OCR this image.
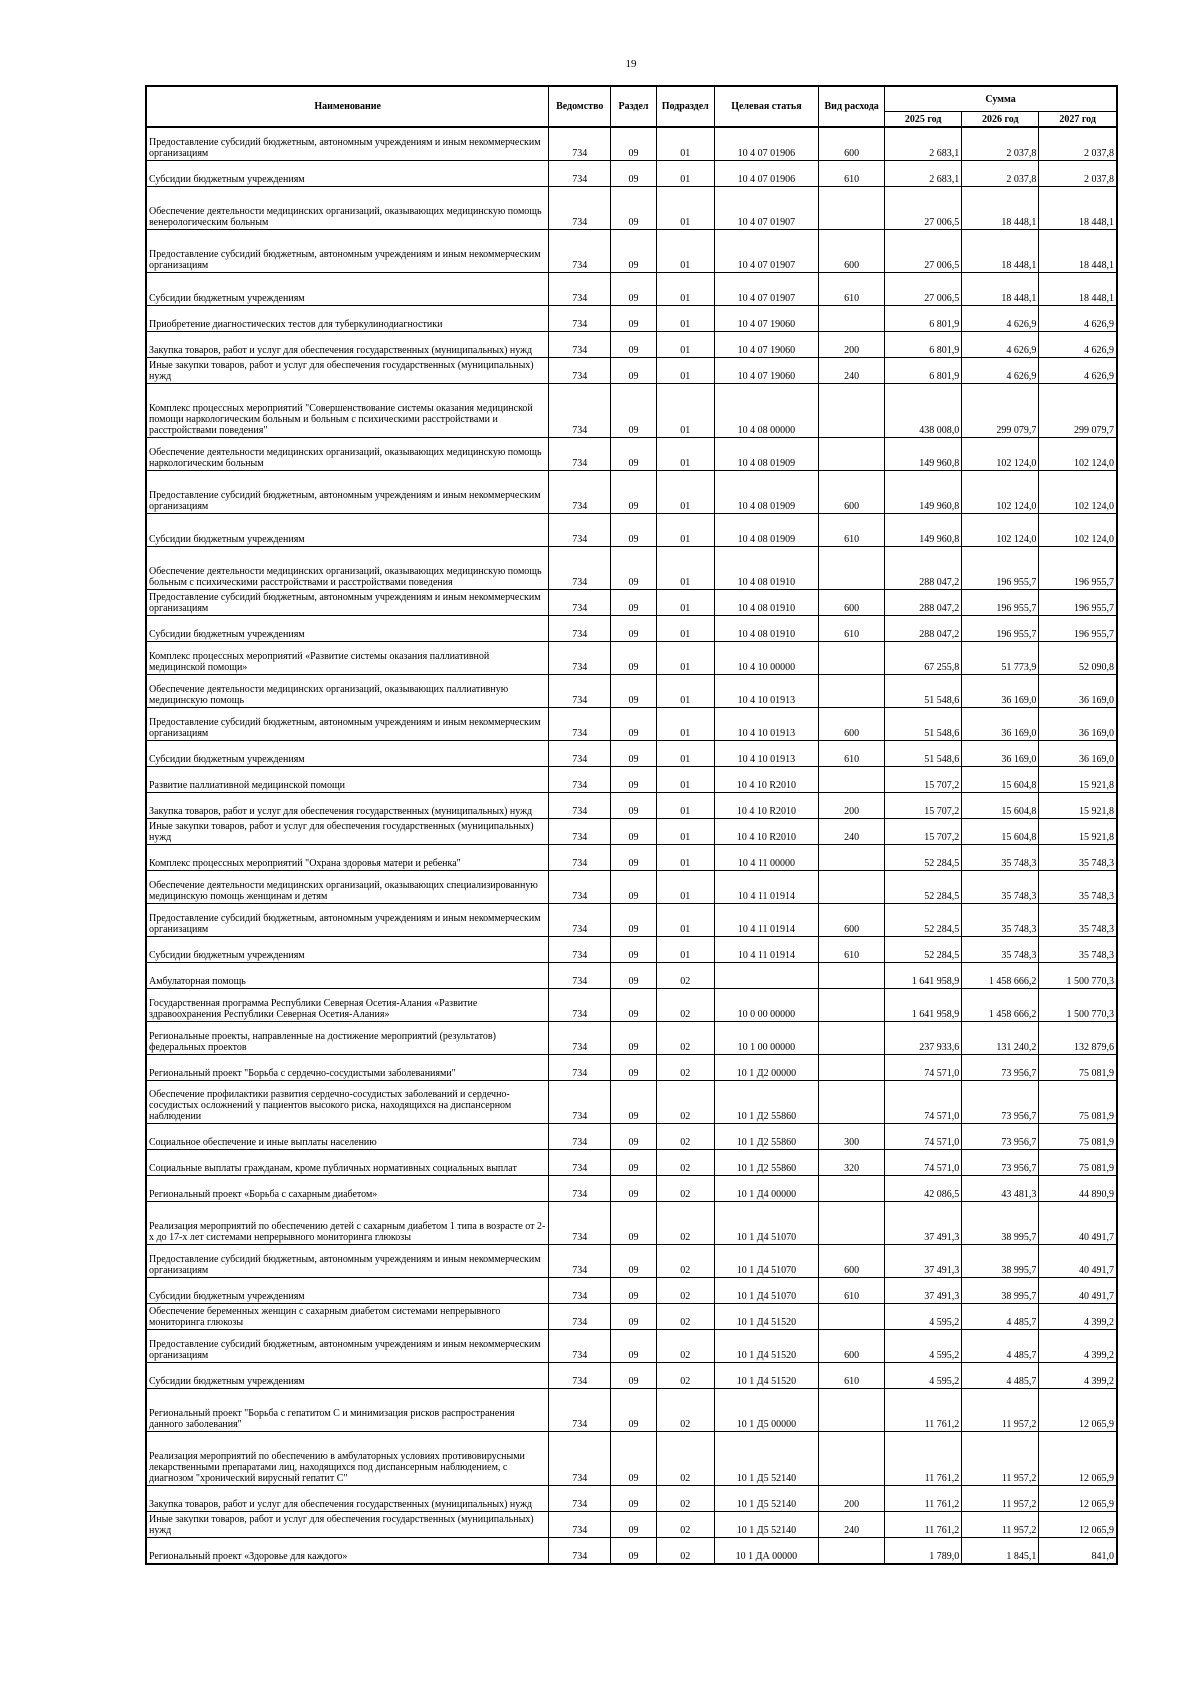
19
Наименование	Ведомство	Раздел	Подраздел	Целевая статья	Вид расхода	Сумма		
						2025 год	2026 год	2027 год
Предоставление субсидий бюджетным, автономным учреждениям и иным некоммерческим организациям	734	09	01	10 4 07 01906	600	2 683,1	2 037,8	2 037,8
Субсидии бюджетным учреждениям	734	09	01	10 4 07 01906	610	2 683,1	2 037,8	2 037,8
Обеспечение деятельности медицинских организаций, оказывающих медицинскую помощь венерологическим больным	734	09	01	10 4 07 01907		27 006,5	18 448,1	18 448,1
Предоставление субсидий бюджетным, автономным учреждениям и иным некоммерческим организациям	734	09	01	10 4 07 01907	600	27 006,5	18 448,1	18 448,1
Субсидии бюджетным учреждениям	734	09	01	10 4 07 01907	610	27 006,5	18 448,1	18 448,1
Приобретение диагностических тестов для туберкулинодиагностики	734	09	01	10 4 07 19060		6 801,9	4 626,9	4 626,9
Закупка товаров, работ и услуг для обеспечения государственных (муниципальных) нужд	734	09	01	10 4 07 19060	200	6 801,9	4 626,9	4 626,9
Иные закупки товаров, работ и услуг для обеспечения государственных (муниципальных) нужд	734	09	01	10 4 07 19060	240	6 801,9	4 626,9	4 626,9
Комплекс процессных мероприятий "Совершенствование системы оказания медицинской помощи наркологическим больным и больным с психическими расстройствами и расстройствами поведения"	734	09	01	10 4 08 00000		438 008,0	299 079,7	299 079,7
Обеспечение деятельности медицинских организаций, оказывающих медицинскую помощь наркологическим больным	734	09	01	10 4 08 01909		149 960,8	102 124,0	102 124,0
Предоставление субсидий бюджетным, автономным учреждениям и иным некоммерческим организациям	734	09	01	10 4 08 01909	600	149 960,8	102 124,0	102 124,0
Субсидии бюджетным учреждениям	734	09	01	10 4 08 01909	610	149 960,8	102 124,0	102 124,0
Обеспечение деятельности медицинских организаций, оказывающих медицинскую помощь больным с психическими расстройствами и расстройствами поведения	734	09	01	10 4 08 01910		288 047,2	196 955,7	196 955,7
Предоставление субсидий бюджетным, автономным учреждениям и иным некоммерческим организациям	734	09	01	10 4 08 01910	600	288 047,2	196 955,7	196 955,7
Субсидии бюджетным учреждениям	734	09	01	10 4 08 01910	610	288 047,2	196 955,7	196 955,7
Комплекс процессных мероприятий «Развитие системы оказания паллиативной медицинской помощи»	734	09	01	10 4 10 00000		67 255,8	51 773,9	52 090,8
Обеспечение деятельности медицинских организаций, оказывающих паллиативную медицинскую помощь	734	09	01	10 4 10 01913		51 548,6	36 169,0	36 169,0
Предоставление субсидий бюджетным, автономным учреждениям и иным некоммерческим организациям	734	09	01	10 4 10 01913	600	51 548,6	36 169,0	36 169,0
Субсидии бюджетным учреждениям	734	09	01	10 4 10 01913	610	51 548,6	36 169,0	36 169,0
Развитие паллиативной медицинской помощи	734	09	01	10 4 10 R2010		15 707,2	15 604,8	15 921,8
Закупка товаров, работ и услуг для обеспечения государственных (муниципальных) нужд	734	09	01	10 4 10 R2010	200	15 707,2	15 604,8	15 921,8
Иные закупки товаров, работ и услуг для обеспечения государственных (муниципальных) нужд	734	09	01	10 4 10 R2010	240	15 707,2	15 604,8	15 921,8
Комплекс процессных мероприятий "Охрана здоровья матери и ребенка"	734	09	01	10 4 11 00000		52 284,5	35 748,3	35 748,3
Обеспечение деятельности медицинских организаций, оказывающих специализированную медицинскую помощь женщинам и детям	734	09	01	10 4 11 01914		52 284,5	35 748,3	35 748,3
Предоставление субсидий бюджетным, автономным учреждениям и иным некоммерческим организациям	734	09	01	10 4 11 01914	600	52 284,5	35 748,3	35 748,3
Субсидии бюджетным учреждениям	734	09	01	10 4 11 01914	610	52 284,5	35 748,3	35 748,3
Амбулаторная помощь	734	09	02			1 641 958,9	1 458 666,2	1 500 770,3
Государственная программа Республики Северная Осетия-Алания «Развитие здравоохранения Республики Северная Осетия-Алания»	734	09	02	10 0 00 00000		1 641 958,9	1 458 666,2	1 500 770,3
Региональные проекты, направленные на достижение мероприятий (результатов) федеральных проектов	734	09	02	10 1 00 00000		237 933,6	131 240,2	132 879,6
Региональный проект "Борьба с сердечно-сосудистыми заболеваниями"	734	09	02	10 1 Д2 00000		74 571,0	73 956,7	75 081,9
Обеспечение профилактики развития сердечно-сосудистых заболеваний и сердечно-сосудистых осложнений у пациентов высокого риска, находящихся на диспансерном наблюдении	734	09	02	10 1 Д2 55860		74 571,0	73 956,7	75 081,9
Социальное обеспечение и иные выплаты населению	734	09	02	10 1 Д2 55860	300	74 571,0	73 956,7	75 081,9
Социальные выплаты гражданам, кроме публичных нормативных социальных выплат	734	09	02	10 1 Д2 55860	320	74 571,0	73 956,7	75 081,9
Региональный проект «Борьба с сахарным диабетом»	734	09	02	10 1 Д4 00000		42 086,5	43 481,3	44 890,9
Реализация мероприятий по обеспечению детей с сахарным диабетом 1 типа в возрасте от 2-х до 17-х лет системами непрерывного мониторинга глюкозы	734	09	02	10 1 Д4 51070		37 491,3	38 995,7	40 491,7
Предоставление субсидий бюджетным, автономным учреждениям и иным некоммерческим организациям	734	09	02	10 1 Д4 51070	600	37 491,3	38 995,7	40 491,7
Субсидии бюджетным учреждениям	734	09	02	10 1 Д4 51070	610	37 491,3	38 995,7	40 491,7
Обеспечение беременных женщин с сахарным диабетом системами непрерывного мониторинга глюкозы	734	09	02	10 1 Д4 51520		4 595,2	4 485,7	4 399,2
Предоставление субсидий бюджетным, автономным учреждениям и иным некоммерческим организациям	734	09	02	10 1 Д4 51520	600	4 595,2	4 485,7	4 399,2
Субсидии бюджетным учреждениям	734	09	02	10 1 Д4 51520	610	4 595,2	4 485,7	4 399,2
Региональный проект "Борьба с гепатитом С и минимизация рисков распространения данного заболевания"	734	09	02	10 1 Д5 00000		11 761,2	11 957,2	12 065,9
Реализация мероприятий по обеспечению в амбулаторных условиях противовирусными лекарственными препаратами лиц, находящихся под диспансерным наблюдением, с диагнозом "хронический вирусный гепатит С"	734	09	02	10 1 Д5 52140		11 761,2	11 957,2	12 065,9
Закупка товаров, работ и услуг для обеспечения государственных (муниципальных) нужд	734	09	02	10 1 Д5 52140	200	11 761,2	11 957,2	12 065,9
Иные закупки товаров, работ и услуг для обеспечения государственных (муниципальных) нужд	734	09	02	10 1 Д5 52140	240	11 761,2	11 957,2	12 065,9
Региональный проект «Здоровье для каждого»	734	09	02	10 1 ДА 00000		1 789,0	1 845,1	841,0
